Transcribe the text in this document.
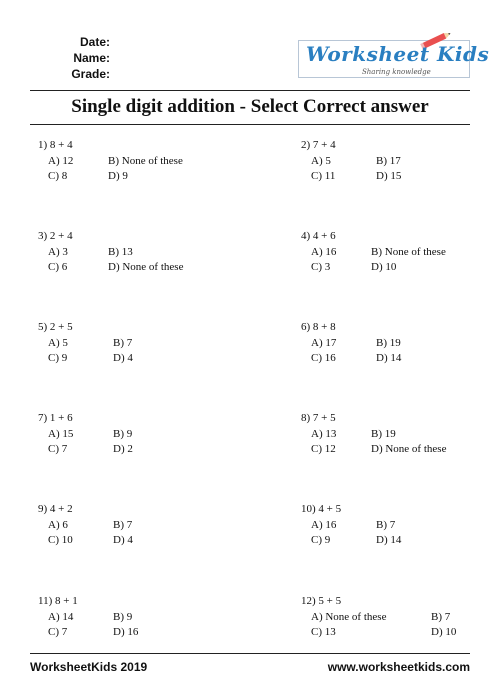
Date:
Name:
Grade:
Worksheet Kids
Sharing knowledge
Single digit addition - Select Correct answer
1) 8 + 4
A) 12	B) None of these
C) 8	D) 9
2) 7 + 4
A) 5	B) 17
C) 11	D) 15
3) 2 + 4
A) 3	B) 13
C) 6	D) None of these
4) 4 + 6
A) 16	B) None of these
C) 3	D) 10
5) 2 + 5
A) 5	B) 7
C) 9	D) 4
6) 8 + 8
A) 17	B) 19
C) 16	D) 14
7) 1 + 6
A) 15	B) 9
C) 7	D) 2
8) 7 + 5
A) 13	B) 19
C) 12	D) None of these
9) 4 + 2
A) 6	B) 7
C) 10	D) 4
10) 4 + 5
A) 16	B) 7
C) 9	D) 14
11) 8 + 1
A) 14	B) 9
C) 7	D) 16
12) 5 + 5
A) None of these	B) 7
C) 13	D) 10
WorksheetKids 2019	www.worksheetkids.com
